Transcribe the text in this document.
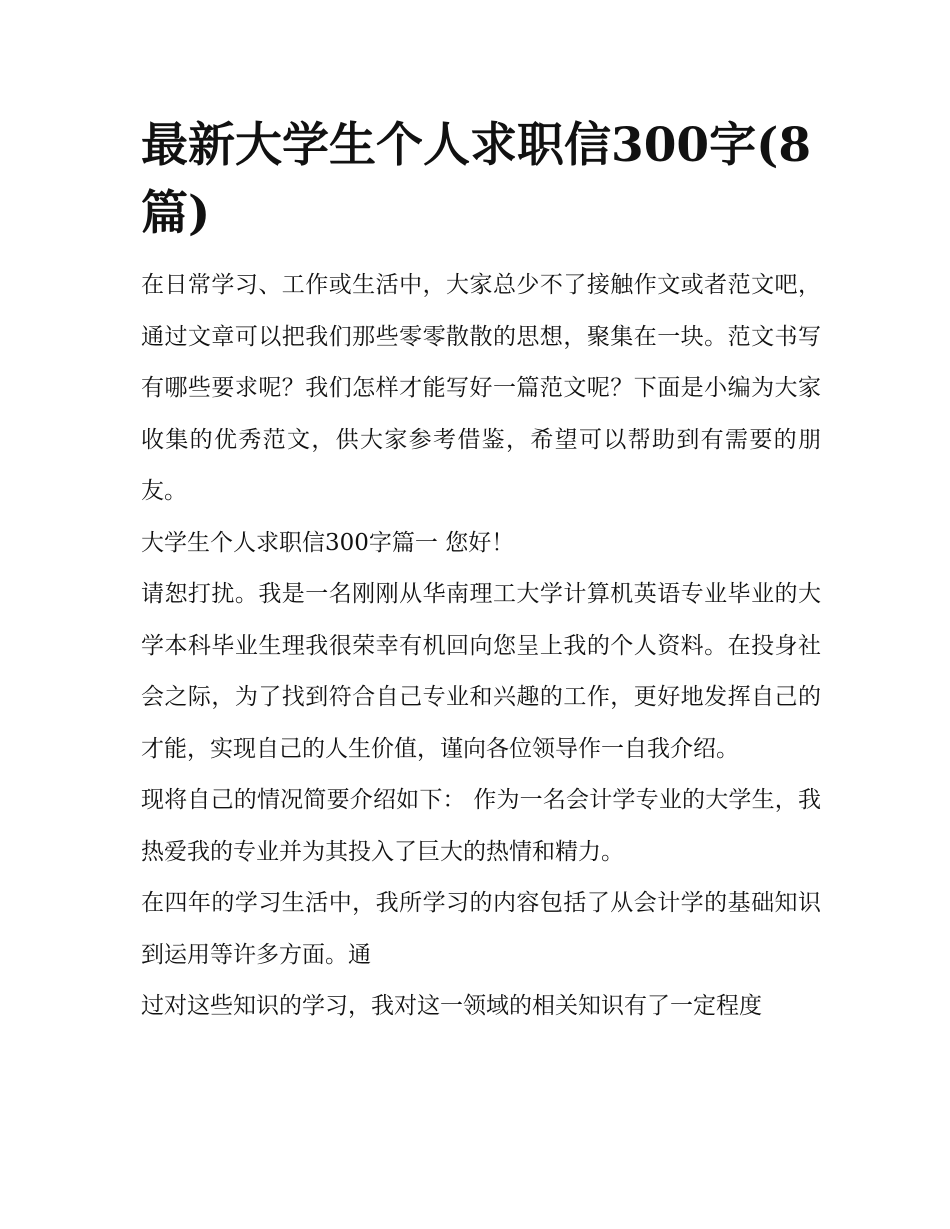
最新大学生个人求职信300字(8篇)

在日常学习、工作或生活中，大家总少不了接触作文或者范文吧，通过文章可以把我们那些零零散散的思想，聚集在一块。范文书写有哪些要求呢？我们怎样才能写好一篇范文呢？下面是小编为大家收集的优秀范文，供大家参考借鉴，希望可以帮助到有需要的朋友。

大学生个人求职信300字篇一 您好！

请恕打扰。我是一名刚刚从华南理工大学计算机英语专业毕业的大学本科毕业生理我很荣幸有机回向您呈上我的个人资料。在投身社会之际，为了找到符合自己专业和兴趣的工作，更好地发挥自己的才能，实现自己的人生价值，谨向各位领导作一自我介绍。

现将自己的情况简要介绍如下： 作为一名会计学专业的大学生，我热爱我的专业并为其投入了巨大的热情和精力。

在四年的学习生活中，我所学习的内容包括了从会计学的基础知识到运用等许多方面。通

过对这些知识的学习，我对这一领域的相关知识有了一定程度
